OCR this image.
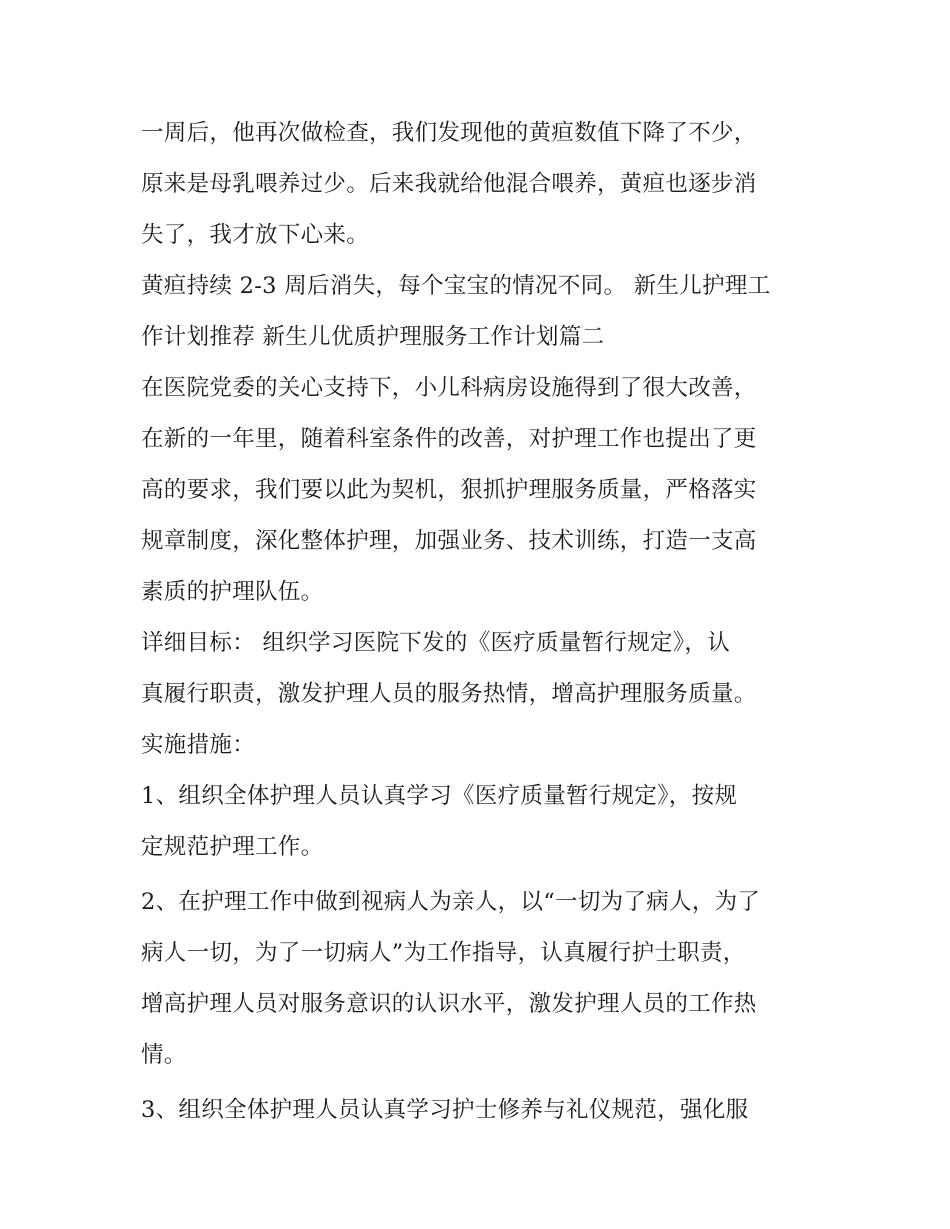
一周后，他再次做检查，我们发现他的黄疸数值下降了不少，
原来是母乳喂养过少。后来我就给他混合喂养，黄疸也逐步消
失了，我才放下心来。
黄疸持续 2-3 周后消失，每个宝宝的情况不同。 新生儿护理工
作计划推荐 新生儿优质护理服务工作计划篇二
在医院党委的关心支持下，小儿科病房设施得到了很大改善，
在新的一年里，随着科室条件的改善，对护理工作也提出了更
高的要求，我们要以此为契机，狠抓护理服务质量，严格落实
规章制度，深化整体护理，加强业务、技术训练，打造一支高
素质的护理队伍。
详细目标： 组织学习医院下发的《医疗质量暂行规定》，认
真履行职责，激发护理人员的服务热情，增高护理服务质量。
实施措施：
1、组织全体护理人员认真学习《医疗质量暂行规定》，按规
定规范护理工作。
2、在护理工作中做到视病人为亲人，以“一切为了病人，为了
病人一切，为了一切病人”为工作指导，认真履行护士职责，
增高护理人员对服务意识的认识水平，激发护理人员的工作热
情。
3、组织全体护理人员认真学习护士修养与礼仪规范，强化服
